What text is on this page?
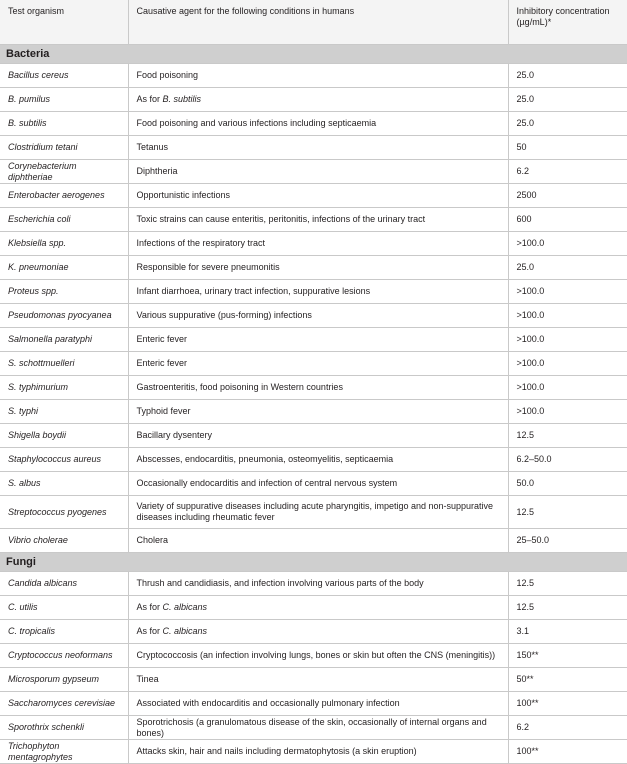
Test organism	Causative agent for the following conditions in humans	Inhibitory concentration (µg/mL)*
Bacteria		
Bacillus cereus	Food poisoning	25.0
B. pumilus	As for B. subtilis	25.0
B. subtilis	Food poisoning and various infections including septicaemia	25.0
Clostridium tetani	Tetanus	50
Corynebacterium diphtheriae	Diphtheria	6.2
Enterobacter aerogenes	Opportunistic infections	2500
Escherichia coli	Toxic strains can cause enteritis, peritonitis, infections of the urinary tract	600
Klebsiella spp.	Infections of the respiratory tract	>100.0
K. pneumoniae	Responsible for severe pneumonitis	25.0
Proteus spp.	Infant diarrhoea, urinary tract infection, suppurative lesions	>100.0
Pseudomonas pyocyanea	Various suppurative (pus-forming) infections	>100.0
Salmonella paratyphi	Enteric fever	>100.0
S. schottmuelleri	Enteric fever	>100.0
S. typhimurium	Gastroenteritis, food poisoning in Western countries	>100.0
S. typhi	Typhoid fever	>100.0
Shigella boydii	Bacillary dysentery	12.5
Staphylococcus aureus	Abscesses, endocarditis, pneumonia, osteomyelitis, septicaemia	6.2–50.0
S. albus	Occasionally endocarditis and infection of central nervous system	50.0
Streptococcus pyogenes	Variety of suppurative diseases including acute pharyngitis, impetigo and non-suppurative diseases including rheumatic fever	12.5
Vibrio cholerae	Cholera	25–50.0
Fungi		
Candida albicans	Thrush and candidiasis, and infection involving various parts of the body	12.5
C. utilis	As for C. albicans	12.5
C. tropicalis	As for C. albicans	3.1
Cryptococcus neoformans	Cryptococcosis (an infection involving lungs, bones or skin but often the CNS (meningitis))	150**
Microsporum gypseum	Tinea	50**
Saccharomyces cerevisiae	Associated with endocarditis and occasionally pulmonary infection	100**
Sporothrix schenkli	Sporotrichosis (a granulomatous disease of the skin, occasionally of internal organs and bones)	6.2
Trichophyton mentagrophytes	Attacks skin, hair and nails including dermatophytosis (a skin eruption)	100**
